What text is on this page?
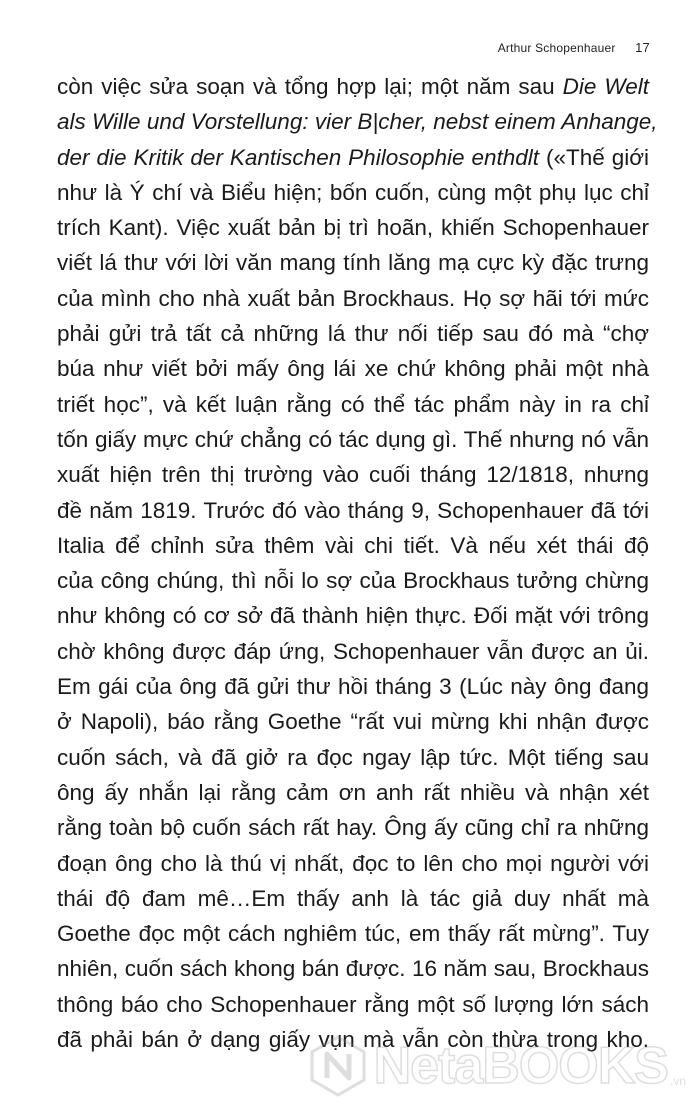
Arthur Schopenhauer 17
còn việc sửa soạn và tổng hợp lại; một năm sau Die Welt
als Wille und Vorstellung: vier B|cher, nebst einem Anhange,
der die Kritik der Kantischen Philosophie enthdlt («Thế giới
như là Ý chí và Biểu hiện; bốn cuốn, cùng một phụ lục chỉ
trích Kant). Việc xuất bản bị trì hoãn, khiến Schopenhauer
viết lá thư với lời văn mang tính lăng mạ cực kỳ đặc trưng
của mình cho nhà xuất bản Brockhaus. Họ sợ hãi tới mức
phải gửi trả tất cả những lá thư nối tiếp sau đó mà “chợ
búa như viết bởi mấy ông lái xe chứ không phải một nhà
triết học”, và kết luận rằng có thể tác phẩm này in ra chỉ
tốn giấy mực chứ chẳng có tác dụng gì. Thế nhưng nó vẫn
xuất hiện trên thị trường vào cuối tháng 12/1818, nhưng
đề năm 1819. Trước đó vào tháng 9, Schopenhauer đã tới
Italia để chỉnh sửa thêm vài chi tiết. Và nếu xét thái độ
của công chúng, thì nỗi lo sợ của Brockhaus tưởng chừng
như không có cơ sở đã thành hiện thực. Đối mặt với trông
chờ không được đáp ứng, Schopenhauer vẫn được an ủi.
Em gái của ông đã gửi thư hồi tháng 3 (Lúc này ông đang
ở Napoli), báo rằng Goethe “rất vui mừng khi nhận được
cuốn sách, và đã giở ra đọc ngay lập tức. Một tiếng sau
ông ấy nhắn lại rằng cảm ơn anh rất nhiều và nhận xét
rằng toàn bộ cuốn sách rất hay. Ông ấy cũng chỉ ra những
đoạn ông cho là thú vị nhất, đọc to lên cho mọi người với
thái độ đam mê…Em thấy anh là tác giả duy nhất mà
Goethe đọc một cách nghiêm túc, em thấy rất mừng”. Tuy
nhiên, cuốn sách khong bán được. 16 năm sau, Brockhaus
thông báo cho Schopenhauer rằng một số lượng lớn sách
đã phải bán ở dạng giấy vụn mà vẫn còn thừa trong kho.
NetaBOOKS .vn
